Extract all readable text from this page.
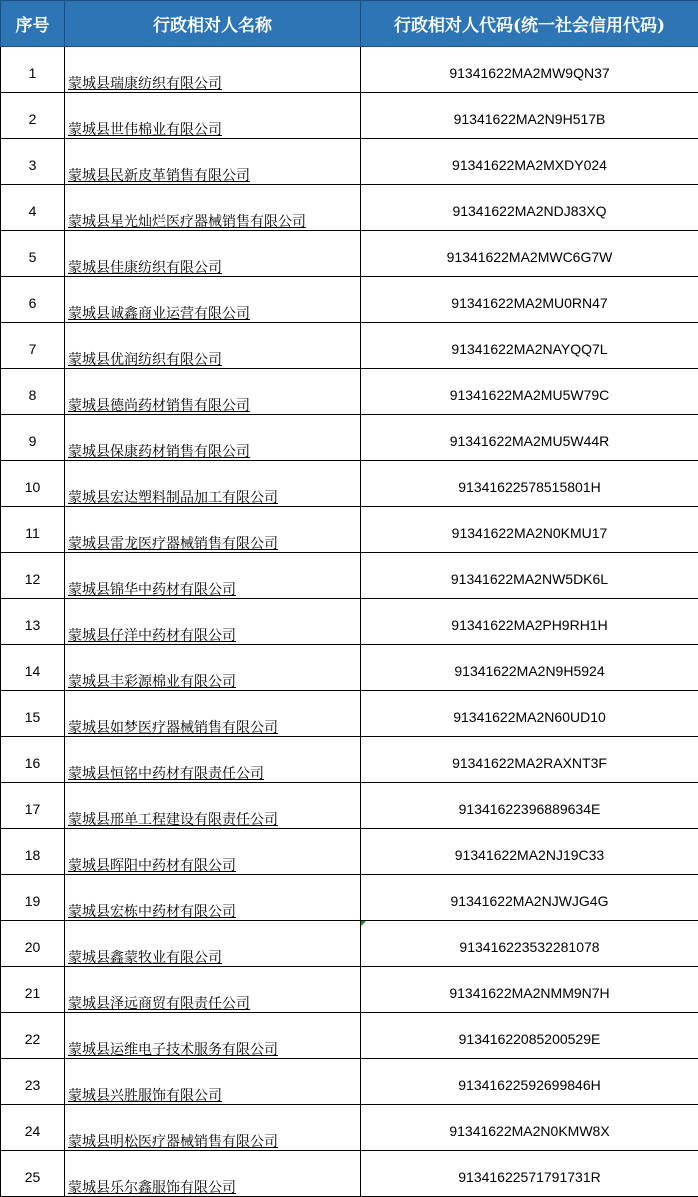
序号	行政相对人名称	行政相对人代码(统一社会信用代码)
1	蒙城县瑞康纺织有限公司	91341622MA2MW9QN37
2	蒙城县世伟棉业有限公司	91341622MA2N9H517B
3	蒙城县民新皮革销售有限公司	91341622MA2MXDY024
4	蒙城县星光灿烂医疗器械销售有限公司	91341622MA2NDJ83XQ
5	蒙城县佳康纺织有限公司	91341622MA2MWC6G7W
6	蒙城县诚鑫商业运营有限公司	91341622MA2MU0RN47
7	蒙城县优润纺织有限公司	91341622MA2NAYQQ7L
8	蒙城县德尚药材销售有限公司	91341622MA2MU5W79C
9	蒙城县保康药材销售有限公司	91341622MA2MU5W44R
10	蒙城县宏达塑料制品加工有限公司	91341622578515801H
11	蒙城县雷龙医疗器械销售有限公司	91341622MA2N0KMU17
12	蒙城县锦华中药材有限公司	91341622MA2NW5DK6L
13	蒙城县仔洋中药材有限公司	91341622MA2PH9RH1H
14	蒙城县丰彩源棉业有限公司	91341622MA2N9H5924
15	蒙城县如梦医疗器械销售有限公司	91341622MA2N60UD10
16	蒙城县恒铭中药材有限责任公司	91341622MA2RAXNT3F
17	蒙城县邢单工程建设有限责任公司	91341622396889634E
18	蒙城县晖阳中药材有限公司	91341622MA2NJ19C33
19	蒙城县宏栋中药材有限公司	91341622MA2NJWJG4G
20	蒙城县鑫蒙牧业有限公司	913416223532281078
21	蒙城县泽远商贸有限责任公司	91341622MA2NMM9N7H
22	蒙城县运维电子技术服务有限公司	91341622085200529E
23	蒙城县兴胜服饰有限公司	91341622592699846H
24	蒙城县明松医疗器械销售有限公司	91341622MA2N0KMW8X
25	蒙城县乐尔鑫服饰有限公司	91341622571791731R
